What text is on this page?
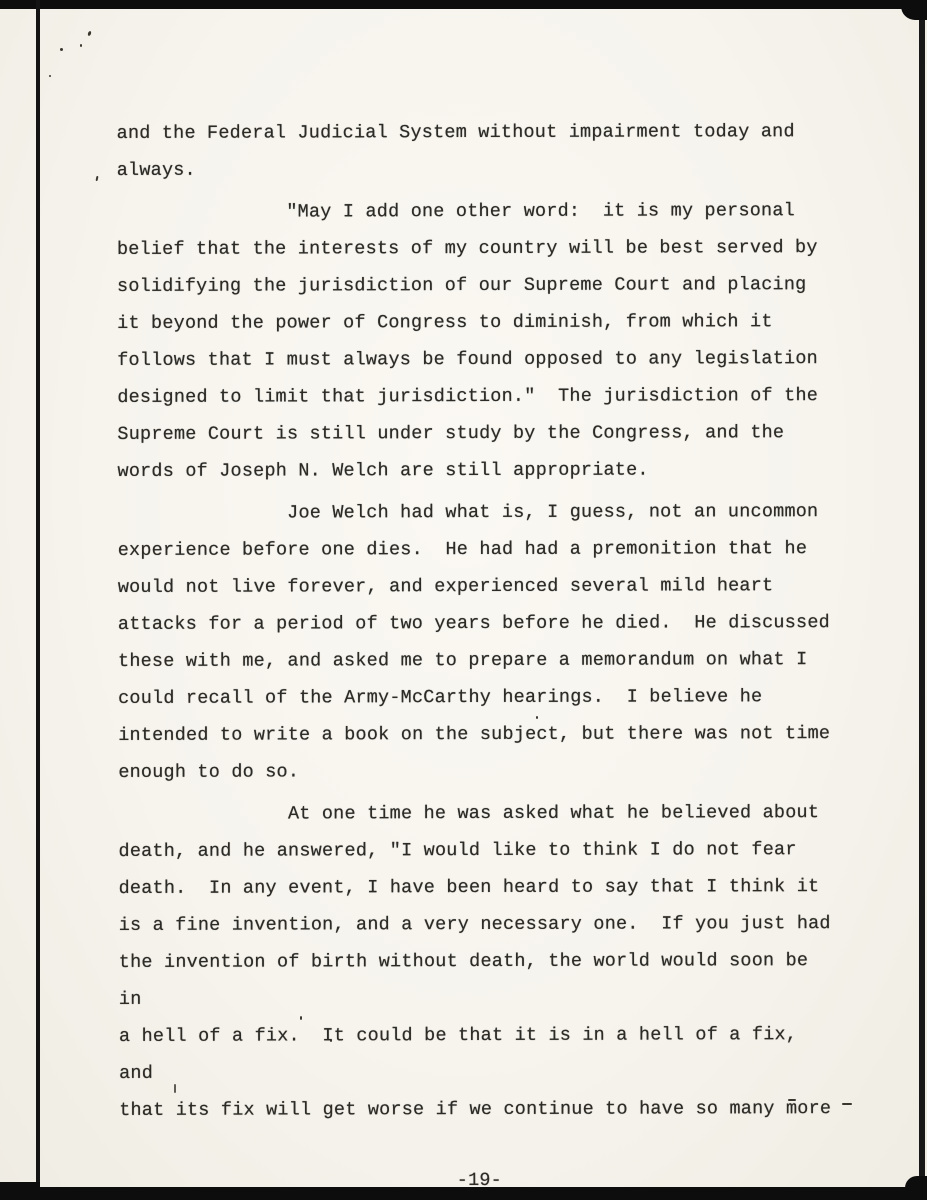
and the Federal Judicial System without impairment today and
always.

"May I add one other word:  it is my personal
belief that the interests of my country will be best served by
solidifying the jurisdiction of our Supreme Court and placing
it beyond the power of Congress to diminish, from which it
follows that I must always be found opposed to any legislation
designed to limit that jurisdiction."  The jurisdiction of the
Supreme Court is still under study by the Congress, and the
words of Joseph N. Welch are still appropriate.

Joe Welch had what is, I guess, not an uncommon
experience before one dies.  He had had a premonition that he
would not live forever, and experienced several mild heart
attacks for a period of two years before he died.  He discussed
these with me, and asked me to prepare a memorandum on what I
could recall of the Army-McCarthy hearings.  I believe he
intended to write a book on the subject, but there was not time
enough to do so.

At one time he was asked what he believed about
death, and he answered, "I would like to think I do not fear
death.  In any event, I have been heard to say that I think it
is a fine invention, and a very necessary one.  If you just had
the invention of birth without death, the world would soon be in
a hell of a fix.  It could be that it is in a hell of a fix, and
that its fix will get worse if we continue to have so many more

-19-
